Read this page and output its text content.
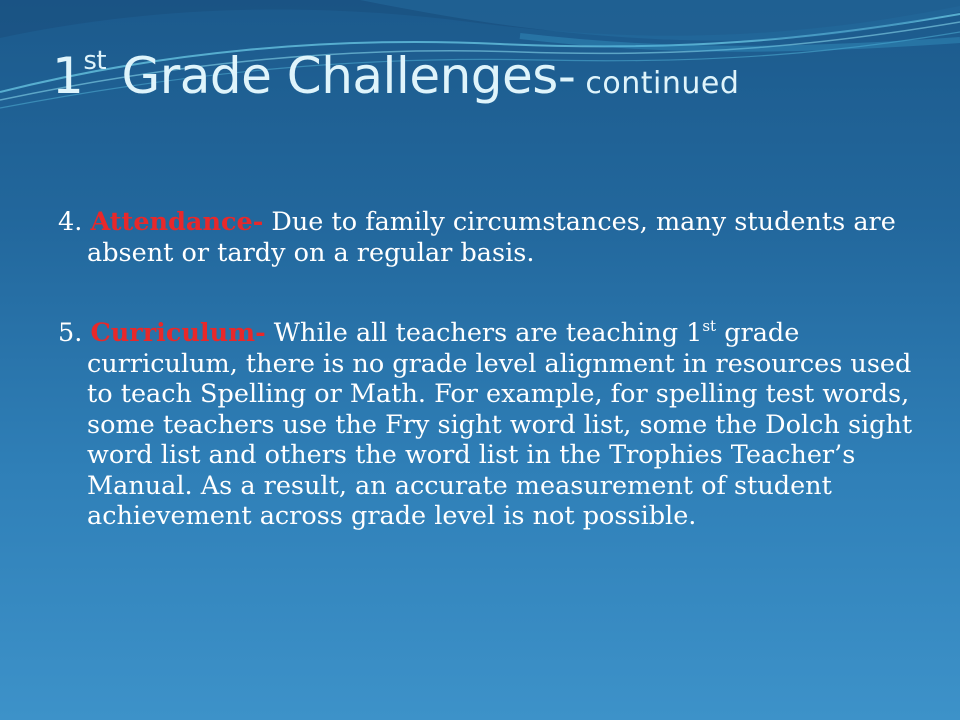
1st Grade Challenges- continued

4. Attendance- Due to family circumstances, many students are absent or tardy on a regular basis.

5. Curriculum- While all teachers are teaching 1st grade curriculum, there is no grade level alignment in resources used to teach Spelling or Math. For example, for spelling test words, some teachers use the Fry sight word list, some the Dolch sight word list and others the word list in the Trophies Teacher’s Manual. As a result, an accurate measurement of student achievement across grade level is not possible.
